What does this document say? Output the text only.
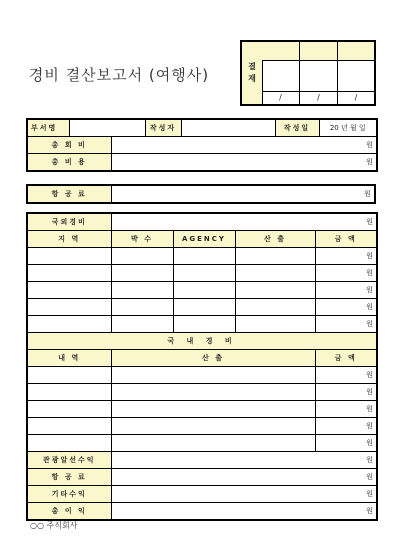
경비 결산보고서 (여행사)	결
재
/	/	/
부서명			작성자		작성일	20 년 월 일
총 회 비		원				
총 비 용		원				
항 공 료	원
국외경비	원			
지 역	박 수	AGENCY	산 출	금 액
				원
				원
				원
				원
				원
국 내 경 비				
내 역	산 출			금 액
				원
				원
				원
				원
				원
관광알선수익	원			
항 공 료	원			
기타수익	원			
총 이 익	원			
○○ 주식회사
